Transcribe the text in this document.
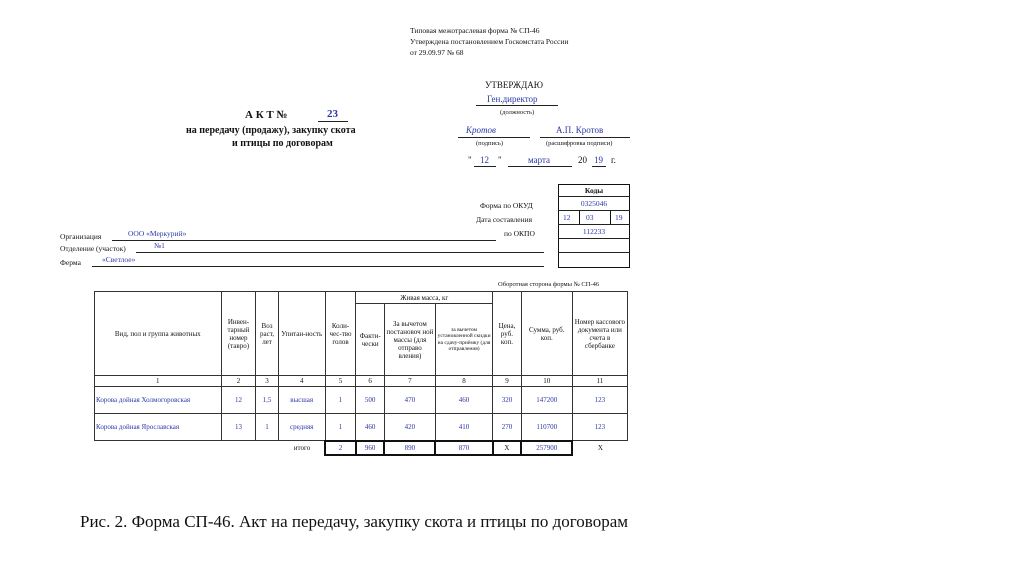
Типовая межотраслевая форма № СП-46
Утверждена постановлением Госкомстата России
от 29.09.97 № 68
УТВЕРЖДАЮ
Ген.директор
(должность)
Кротов
(подпись)
А.П. Кротов
(расшифровка подписи)
" 12 "	марта	20 19 г.
А К Т №	23
на передачу (продажу), закупку скота
и птицы по договорам
Коды
Форма по ОКУД	0325046
Дата составления	12 03	19
по ОКПО	112233
Организация	ООО «Меркурий»
Отделение (участок)	№1
Ферма	«Светлое»
Оборотная сторона формы № СП-46
Вид, пол и группа животных	Инвен-тарный номер (тавро)	Воз раст, лет	Упитан-ность	Коли-чес-тво голов	Живая масса, кг			Цена, руб. коп.	Сумма, руб. коп.	Номер кассового документа или счета в сбербанке
					Факти-чески	За вычетом постановоч ной массы (для отправо вления)	за вычетом установленной скидки на сдачу-приёмку (для отправления)			
1	2	3	4	5	6	7	8	9	10	11
Корова дойная Холмогоровская	12	1,5	высшая	1	500	470	460	320	147200	123
Корова дойная Ярославская	13	1	средняя	1	460	420	410	270	110700	123
итого				2	960	890	870	Х	257900	Х
Рис. 2. Форма СП-46. Акт на передачу, закупку скота и птицы по договорам
